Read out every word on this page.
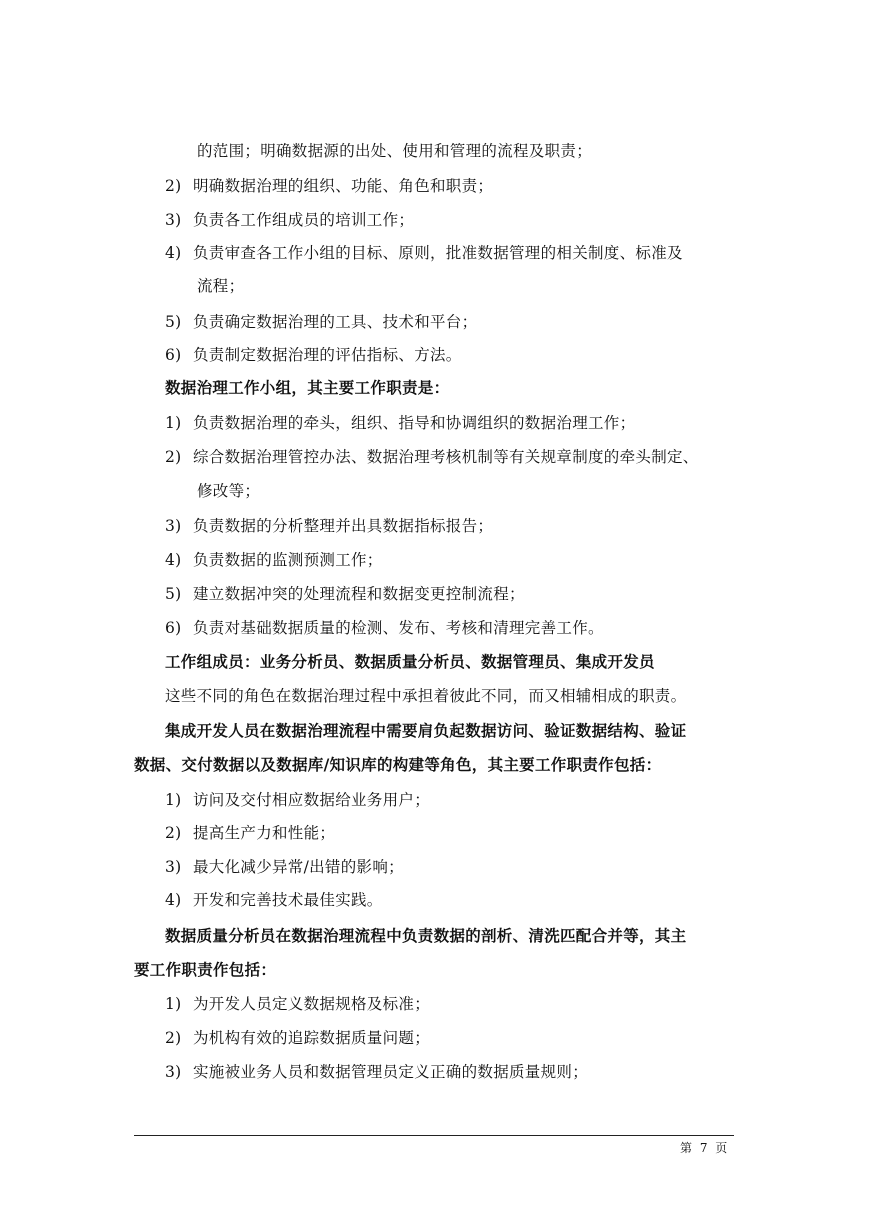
的范围；明确数据源的出处、使用和管理的流程及职责；
2) 明确数据治理的组织、功能、角色和职责；
3) 负责各工作组成员的培训工作；
4) 负责审查各工作小组的目标、原则，批准数据管理的相关制度、标准及
流程；
5) 负责确定数据治理的工具、技术和平台；
6) 负责制定数据治理的评估指标、方法。
数据治理工作小组，其主要工作职责是：
1) 负责数据治理的牵头，组织、指导和协调组织的数据治理工作；
2) 综合数据治理管控办法、数据治理考核机制等有关规章制度的牵头制定、
修改等；
3) 负责数据的分析整理并出具数据指标报告；
4) 负责数据的监测预测工作；
5) 建立数据冲突的处理流程和数据变更控制流程；
6) 负责对基础数据质量的检测、发布、考核和清理完善工作。
工作组成员：业务分析员、数据质量分析员、数据管理员、集成开发员
这些不同的角色在数据治理过程中承担着彼此不同，而又相辅相成的职责。
集成开发人员在数据治理流程中需要肩负起数据访问、验证数据结构、验证
数据、交付数据以及数据库/知识库的构建等角色，其主要工作职责作包括：
1) 访问及交付相应数据给业务用户；
2) 提高生产力和性能；
3) 最大化减少异常/出错的影响；
4) 开发和完善技术最佳实践。
数据质量分析员在数据治理流程中负责数据的剖析、清洗匹配合并等，其主
要工作职责作包括：
1) 为开发人员定义数据规格及标准；
2) 为机构有效的追踪数据质量问题；
3) 实施被业务人员和数据管理员定义正确的数据质量规则；
第 7 页
